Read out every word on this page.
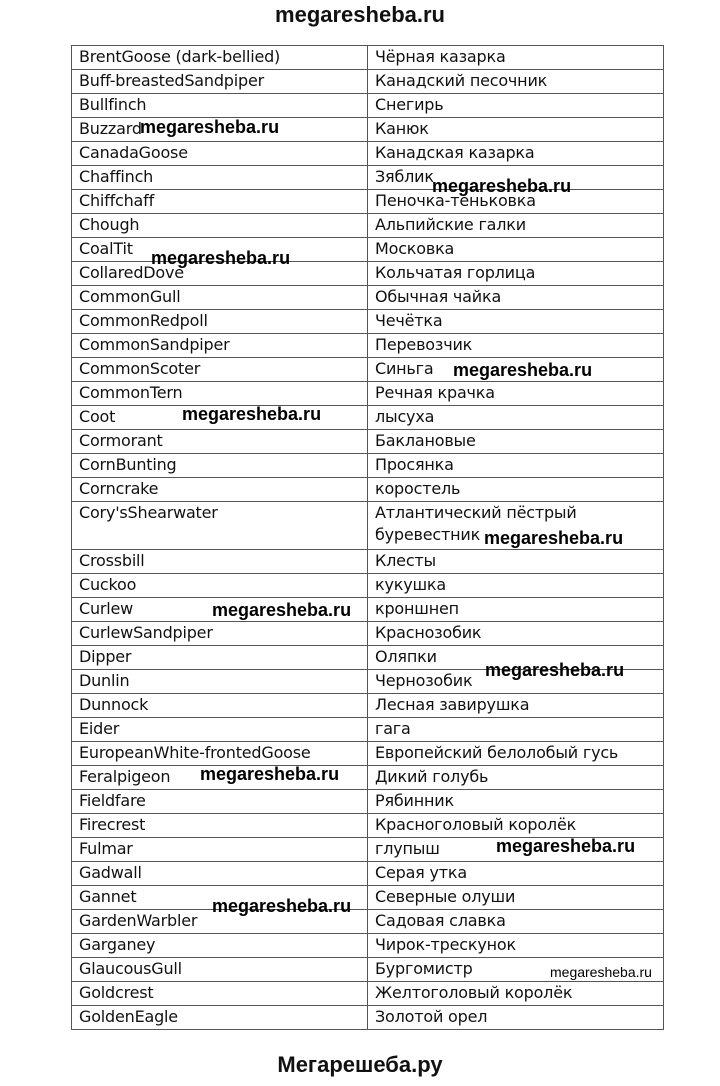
megaresheba.ru
BrentGoose (dark-bellied)	Чёрная казарка
Buff-breastedSandpiper	Канадский песочник
Bullfinch	Снегирь
Buzzard	Канюк
CanadaGoose	Канадская казарка
Chaffinch	Зяблик
Chiffchaff	Пеночка-теньковка
Chough	Альпийские галки
CoalTit	Московка
CollaredDove	Кольчатая горлица
CommonGull	Обычная чайка
CommonRedpoll	Чечётка
CommonSandpiper	Перевозчик
CommonScoter	Синьга
CommonTern	Речная крачка
Coot	лысуха
Cormorant	Баклановые
CornBunting	Просянка
Corncrake	коростель
Cory'sShearwater	Атлантический пёстрый буревестник
Crossbill	Клесты
Cuckoo	кукушка
Curlew	кроншнеп
CurlewSandpiper	Краснозобик
Dipper	Оляпки
Dunlin	Чернозобик
Dunnock	Лесная завирушка
Eider	гага
EuropeanWhite-frontedGoose	Европейский белолобый гусь
Feralpigeon	Дикий голубь
Fieldfare	Рябинник
Firecrest	Красноголовый королёк
Fulmar	глупыш
Gadwall	Серая утка
Gannet	Северные олуши
GardenWarbler	Садовая славка
Garganey	Чирок-трескунок
GlaucousGull	Бургомистр
Goldcrest	Желтоголовый королёк
GoldenEagle	Золотой орел
megaresheba.ru
megaresheba.ru
megaresheba.ru
megaresheba.ru
megaresheba.ru
megaresheba.ru
megaresheba.ru
megaresheba.ru
megaresheba.ru
megaresheba.ru
megaresheba.ru
megaresheba.ru
Мегарешеба.ру
